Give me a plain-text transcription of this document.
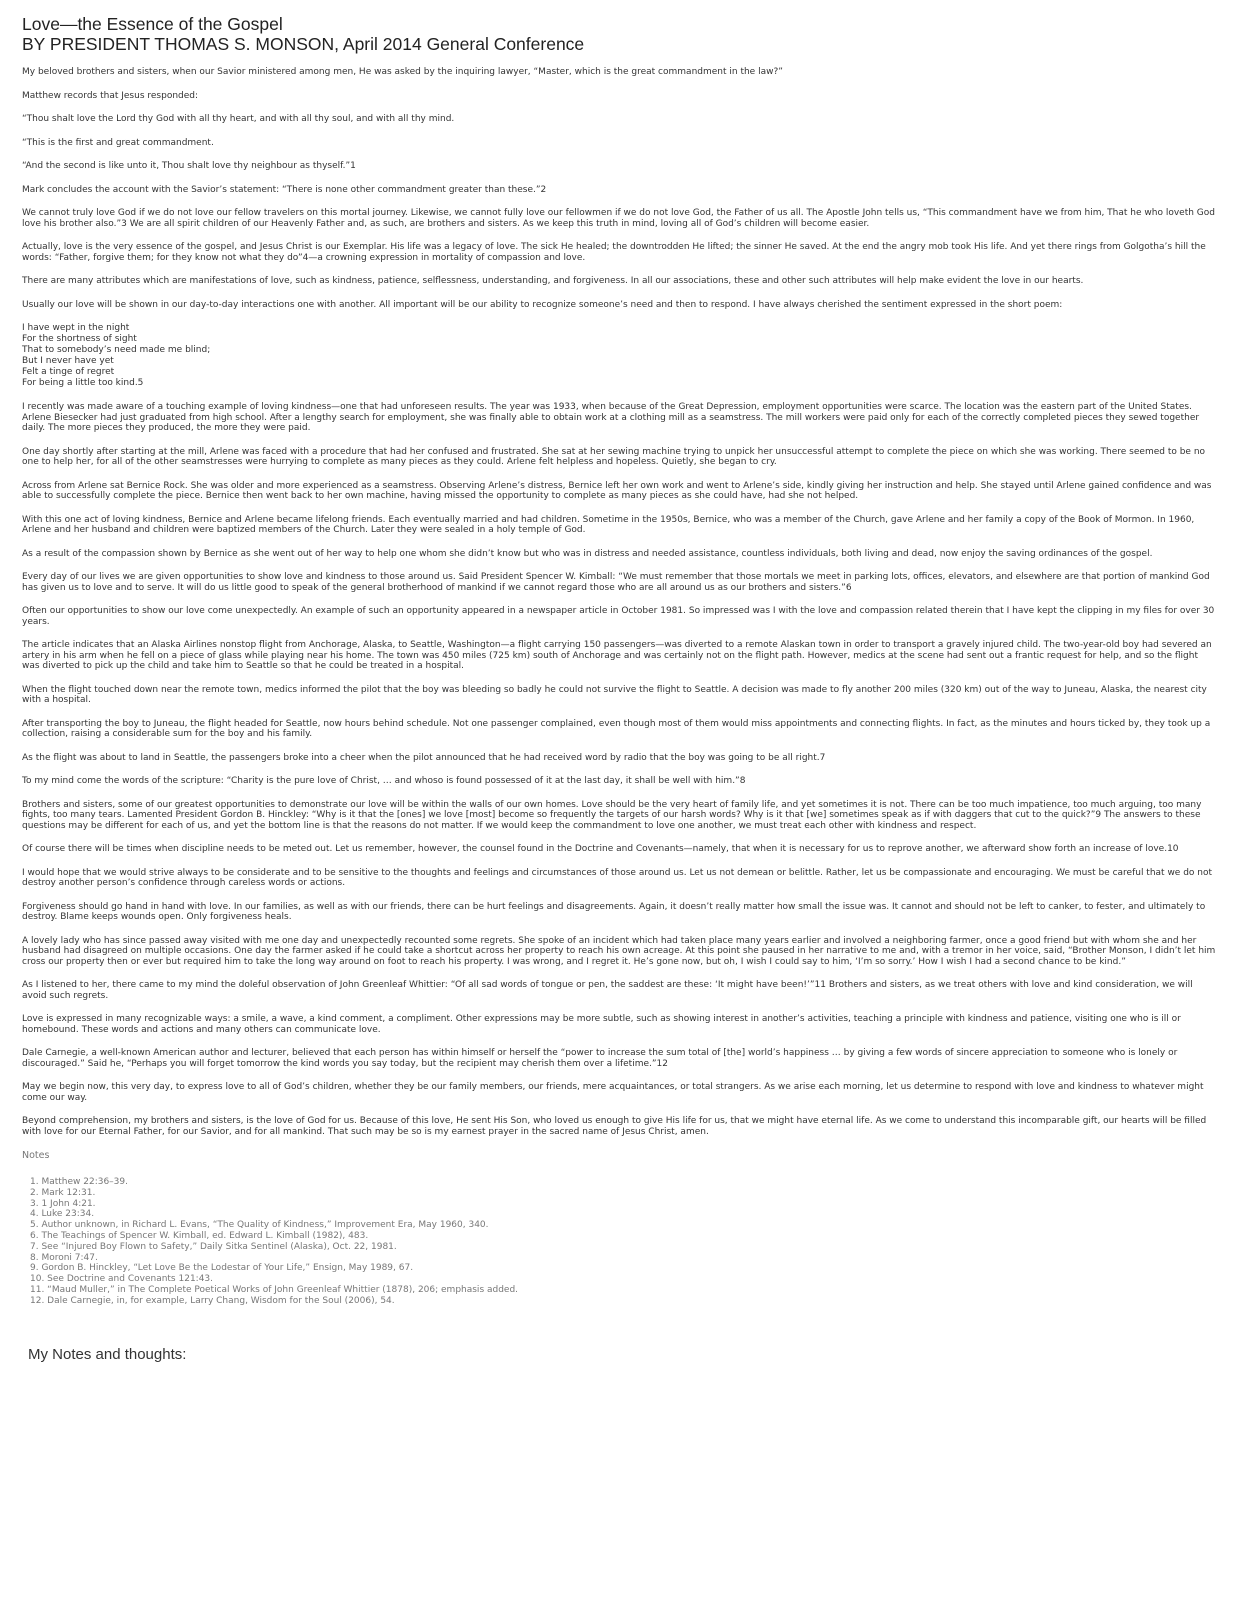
Love—the Essence of the Gospel
BY PRESIDENT THOMAS S. MONSON, April 2014 General Conference

My beloved brothers and sisters, when our Savior ministered among men, He was asked by the inquiring lawyer, “Master, which is the great commandment in the law?”

Matthew records that Jesus responded:

“Thou shalt love the Lord thy God with all thy heart, and with all thy soul, and with all thy mind.

“This is the first and great commandment.

“And the second is like unto it, Thou shalt love thy neighbour as thyself.”1

Mark concludes the account with the Savior’s statement: “There is none other commandment greater than these.”2

We cannot truly love God if we do not love our fellow travelers on this mortal journey. Likewise, we cannot fully love our fellowmen if we do not love God, the Father of us all. The Apostle John tells us, “This commandment have we from him, That he who loveth God love his brother also.”3 We are all spirit children of our Heavenly Father and, as such, are brothers and sisters. As we keep this truth in mind, loving all of God’s children will become easier.

Actually, love is the very essence of the gospel, and Jesus Christ is our Exemplar. His life was a legacy of love. The sick He healed; the downtrodden He lifted; the sinner He saved. At the end the angry mob took His life. And yet there rings from Golgotha’s hill the words: “Father, forgive them; for they know not what they do”4—a crowning expression in mortality of compassion and love.

There are many attributes which are manifestations of love, such as kindness, patience, selflessness, understanding, and forgiveness. In all our associations, these and other such attributes will help make evident the love in our hearts.

Usually our love will be shown in our day-to-day interactions one with another. All important will be our ability to recognize someone’s need and then to respond. I have always cherished the sentiment expressed in the short poem:

I have wept in the night
For the shortness of sight
That to somebody’s need made me blind;
But I never have yet
Felt a tinge of regret
For being a little too kind.5

I recently was made aware of a touching example of loving kindness—one that had unforeseen results. The year was 1933, when because of the Great Depression, employment opportunities were scarce. The location was the eastern part of the United States. Arlene Biesecker had just graduated from high school. After a lengthy search for employment, she was finally able to obtain work at a clothing mill as a seamstress. The mill workers were paid only for each of the correctly completed pieces they sewed together daily. The more pieces they produced, the more they were paid.

One day shortly after starting at the mill, Arlene was faced with a procedure that had her confused and frustrated. She sat at her sewing machine trying to unpick her unsuccessful attempt to complete the piece on which she was working. There seemed to be no one to help her, for all of the other seamstresses were hurrying to complete as many pieces as they could. Arlene felt helpless and hopeless. Quietly, she began to cry.

Across from Arlene sat Bernice Rock. She was older and more experienced as a seamstress. Observing Arlene’s distress, Bernice left her own work and went to Arlene’s side, kindly giving her instruction and help. She stayed until Arlene gained confidence and was able to successfully complete the piece. Bernice then went back to her own machine, having missed the opportunity to complete as many pieces as she could have, had she not helped.

With this one act of loving kindness, Bernice and Arlene became lifelong friends. Each eventually married and had children. Sometime in the 1950s, Bernice, who was a member of the Church, gave Arlene and her family a copy of the Book of Mormon. In 1960, Arlene and her husband and children were baptized members of the Church. Later they were sealed in a holy temple of God.

As a result of the compassion shown by Bernice as she went out of her way to help one whom she didn’t know but who was in distress and needed assistance, countless individuals, both living and dead, now enjoy the saving ordinances of the gospel.

Every day of our lives we are given opportunities to show love and kindness to those around us. Said President Spencer W. Kimball: “We must remember that those mortals we meet in parking lots, offices, elevators, and elsewhere are that portion of mankind God has given us to love and to serve. It will do us little good to speak of the general brotherhood of mankind if we cannot regard those who are all around us as our brothers and sisters.”6

Often our opportunities to show our love come unexpectedly. An example of such an opportunity appeared in a newspaper article in October 1981. So impressed was I with the love and compassion related therein that I have kept the clipping in my files for over 30 years.

The article indicates that an Alaska Airlines nonstop flight from Anchorage, Alaska, to Seattle, Washington—a flight carrying 150 passengers—was diverted to a remote Alaskan town in order to transport a gravely injured child. The two-year-old boy had severed an artery in his arm when he fell on a piece of glass while playing near his home. The town was 450 miles (725 km) south of Anchorage and was certainly not on the flight path. However, medics at the scene had sent out a frantic request for help, and so the flight was diverted to pick up the child and take him to Seattle so that he could be treated in a hospital.

When the flight touched down near the remote town, medics informed the pilot that the boy was bleeding so badly he could not survive the flight to Seattle. A decision was made to fly another 200 miles (320 km) out of the way to Juneau, Alaska, the nearest city with a hospital.

After transporting the boy to Juneau, the flight headed for Seattle, now hours behind schedule. Not one passenger complained, even though most of them would miss appointments and connecting flights. In fact, as the minutes and hours ticked by, they took up a collection, raising a considerable sum for the boy and his family.

As the flight was about to land in Seattle, the passengers broke into a cheer when the pilot announced that he had received word by radio that the boy was going to be all right.7

To my mind come the words of the scripture: “Charity is the pure love of Christ, … and whoso is found possessed of it at the last day, it shall be well with him.”8

Brothers and sisters, some of our greatest opportunities to demonstrate our love will be within the walls of our own homes. Love should be the very heart of family life, and yet sometimes it is not. There can be too much impatience, too much arguing, too many fights, too many tears. Lamented President Gordon B. Hinckley: “Why is it that the [ones] we love [most] become so frequently the targets of our harsh words? Why is it that [we] sometimes speak as if with daggers that cut to the quick?”9 The answers to these questions may be different for each of us, and yet the bottom line is that the reasons do not matter. If we would keep the commandment to love one another, we must treat each other with kindness and respect.

Of course there will be times when discipline needs to be meted out. Let us remember, however, the counsel found in the Doctrine and Covenants—namely, that when it is necessary for us to reprove another, we afterward show forth an increase of love.10

I would hope that we would strive always to be considerate and to be sensitive to the thoughts and feelings and circumstances of those around us. Let us not demean or belittle. Rather, let us be compassionate and encouraging. We must be careful that we do not destroy another person’s confidence through careless words or actions.

Forgiveness should go hand in hand with love. In our families, as well as with our friends, there can be hurt feelings and disagreements. Again, it doesn’t really matter how small the issue was. It cannot and should not be left to canker, to fester, and ultimately to destroy. Blame keeps wounds open. Only forgiveness heals.

A lovely lady who has since passed away visited with me one day and unexpectedly recounted some regrets. She spoke of an incident which had taken place many years earlier and involved a neighboring farmer, once a good friend but with whom she and her husband had disagreed on multiple occasions. One day the farmer asked if he could take a shortcut across her property to reach his own acreage. At this point she paused in her narrative to me and, with a tremor in her voice, said, “Brother Monson, I didn’t let him cross our property then or ever but required him to take the long way around on foot to reach his property. I was wrong, and I regret it. He’s gone now, but oh, I wish I could say to him, ‘I’m so sorry.’ How I wish I had a second chance to be kind.”

As I listened to her, there came to my mind the doleful observation of John Greenleaf Whittier: “Of all sad words of tongue or pen, the saddest are these: ‘It might have been!’”11 Brothers and sisters, as we treat others with love and kind consideration, we will avoid such regrets.

Love is expressed in many recognizable ways: a smile, a wave, a kind comment, a compliment. Other expressions may be more subtle, such as showing interest in another’s activities, teaching a principle with kindness and patience, visiting one who is ill or homebound. These words and actions and many others can communicate love.

Dale Carnegie, a well-known American author and lecturer, believed that each person has within himself or herself the “power to increase the sum total of [the] world’s happiness … by giving a few words of sincere appreciation to someone who is lonely or discouraged.” Said he, “Perhaps you will forget tomorrow the kind words you say today, but the recipient may cherish them over a lifetime.”12

May we begin now, this very day, to express love to all of God’s children, whether they be our family members, our friends, mere acquaintances, or total strangers. As we arise each morning, let us determine to respond with love and kindness to whatever might come our way.

Beyond comprehension, my brothers and sisters, is the love of God for us. Because of this love, He sent His Son, who loved us enough to give His life for us, that we might have eternal life. As we come to understand this incomparable gift, our hearts will be filled with love for our Eternal Father, for our Savior, and for all mankind. That such may be so is my earnest prayer in the sacred name of Jesus Christ, amen.

Notes
1. Matthew 22:36–39.
2. Mark 12:31.
3. 1 John 4:21.
4. Luke 23:34.
5. Author unknown, in Richard L. Evans, “The Quality of Kindness,” Improvement Era, May 1960, 340.
6. The Teachings of Spencer W. Kimball, ed. Edward L. Kimball (1982), 483.
7. See “Injured Boy Flown to Safety,” Daily Sitka Sentinel (Alaska), Oct. 22, 1981.
8. Moroni 7:47.
9. Gordon B. Hinckley, “Let Love Be the Lodestar of Your Life,” Ensign, May 1989, 67.
10. See Doctrine and Covenants 121:43.
11. “Maud Muller,” in The Complete Poetical Works of John Greenleaf Whittier (1878), 206; emphasis added.
12. Dale Carnegie, in, for example, Larry Chang, Wisdom for the Soul (2006), 54.
My Notes and thoughts:
